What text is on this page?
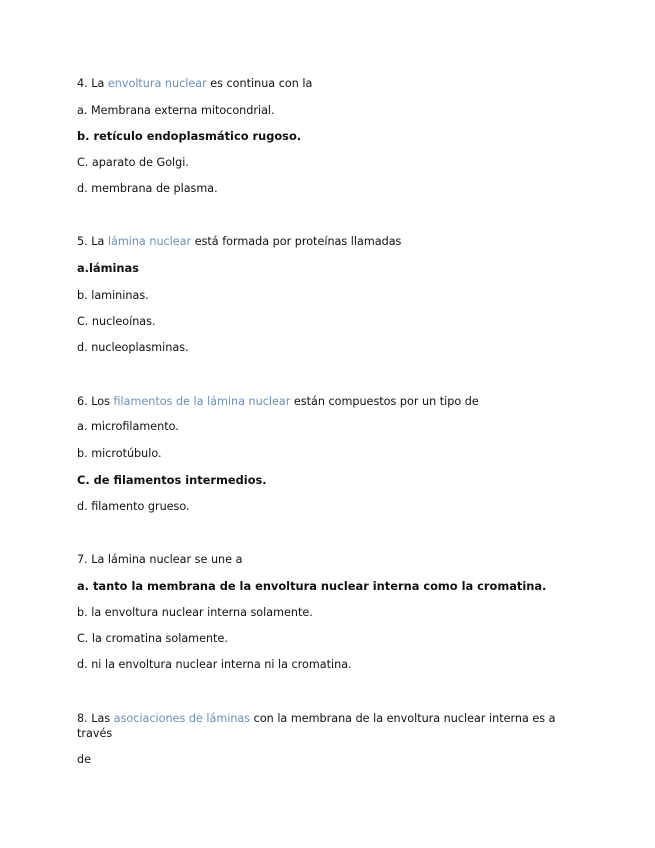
4. La envoltura nuclear es continua con la
a. Membrana externa mitocondrial.
b. retículo endoplasmático rugoso.
C. aparato de Golgi.
d. membrana de plasma.
5. La lámina nuclear está formada por proteínas llamadas
a.láminas
b. lamininas.
C. nucleoínas.
d. nucleoplasminas.
6. Los filamentos de la lámina nuclear están compuestos por un tipo de
a. microfilamento.
b. microtúbulo.
C. de filamentos intermedios.
d. filamento grueso.
7. La lámina nuclear se une a
a. tanto la membrana de la envoltura nuclear interna como la cromatina.
b. la envoltura nuclear interna solamente.
C. la cromatina solamente.
d. ni la envoltura nuclear interna ni la cromatina.
8. Las asociaciones de láminas con la membrana de la envoltura nuclear interna es a través
de
